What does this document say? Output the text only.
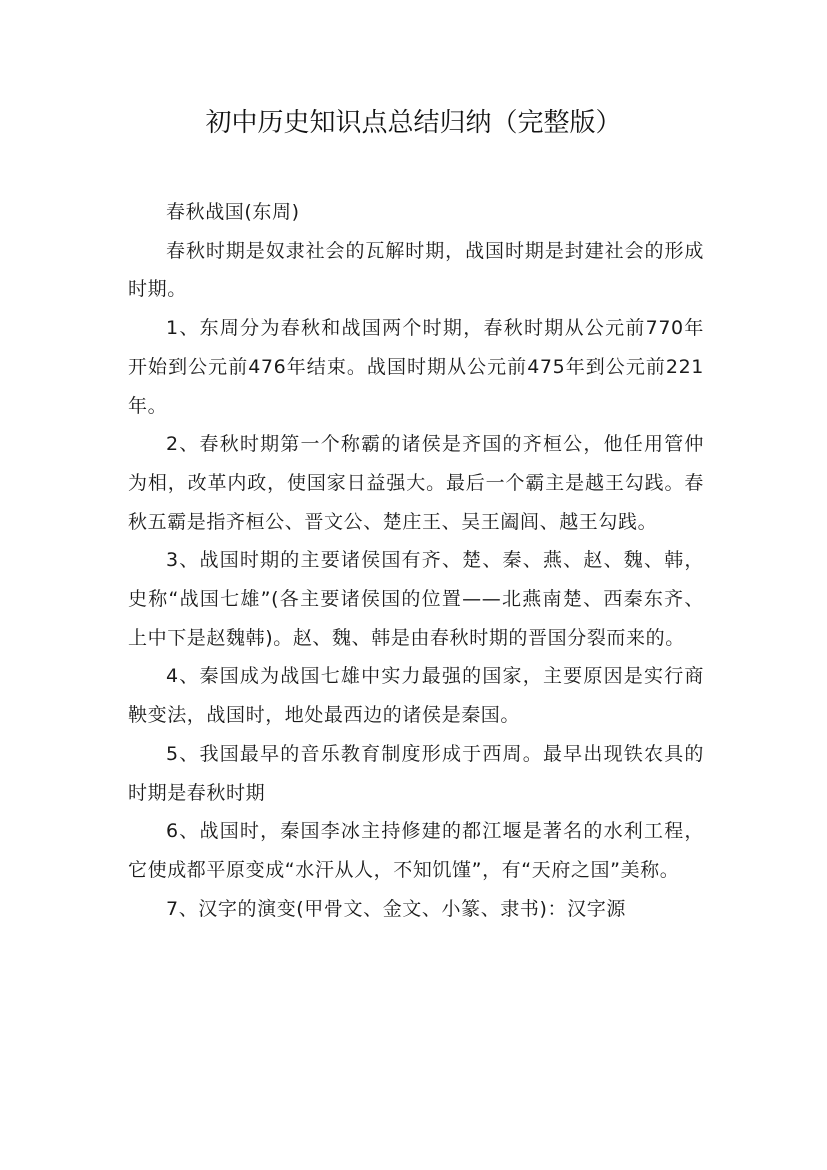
初中历史知识点总结归纳（完整版）

春秋战国(东周)

春秋时期是奴隶社会的瓦解时期，战国时期是封建社会的形成时期。

1、东周分为春秋和战国两个时期，春秋时期从公元前770年开始到公元前476年结束。战国时期从公元前475年到公元前221年。

2、春秋时期第一个称霸的诸侯是齐国的齐桓公，他任用管仲为相，改革内政，使国家日益强大。最后一个霸主是越王勾践。春秋五霸是指齐桓公、晋文公、楚庄王、吴王阖闾、越王勾践。

3、战国时期的主要诸侯国有齐、楚、秦、燕、赵、魏、韩，史称“战国七雄”(各主要诸侯国的位置——北燕南楚、西秦东齐、上中下是赵魏韩)。赵、魏、韩是由春秋时期的晋国分裂而来的。

4、秦国成为战国七雄中实力最强的国家，主要原因是实行商鞅变法，战国时，地处最西边的诸侯是秦国。

5、我国最早的音乐教育制度形成于西周。最早出现铁农具的时期是春秋时期

6、战国时，秦国李冰主持修建的都江堰是著名的水利工程，它使成都平原变成“水汗从人，不知饥馑”，有“天府之国”美称。

7、汉字的演变(甲骨文、金文、小篆、隶书)：汉字源
